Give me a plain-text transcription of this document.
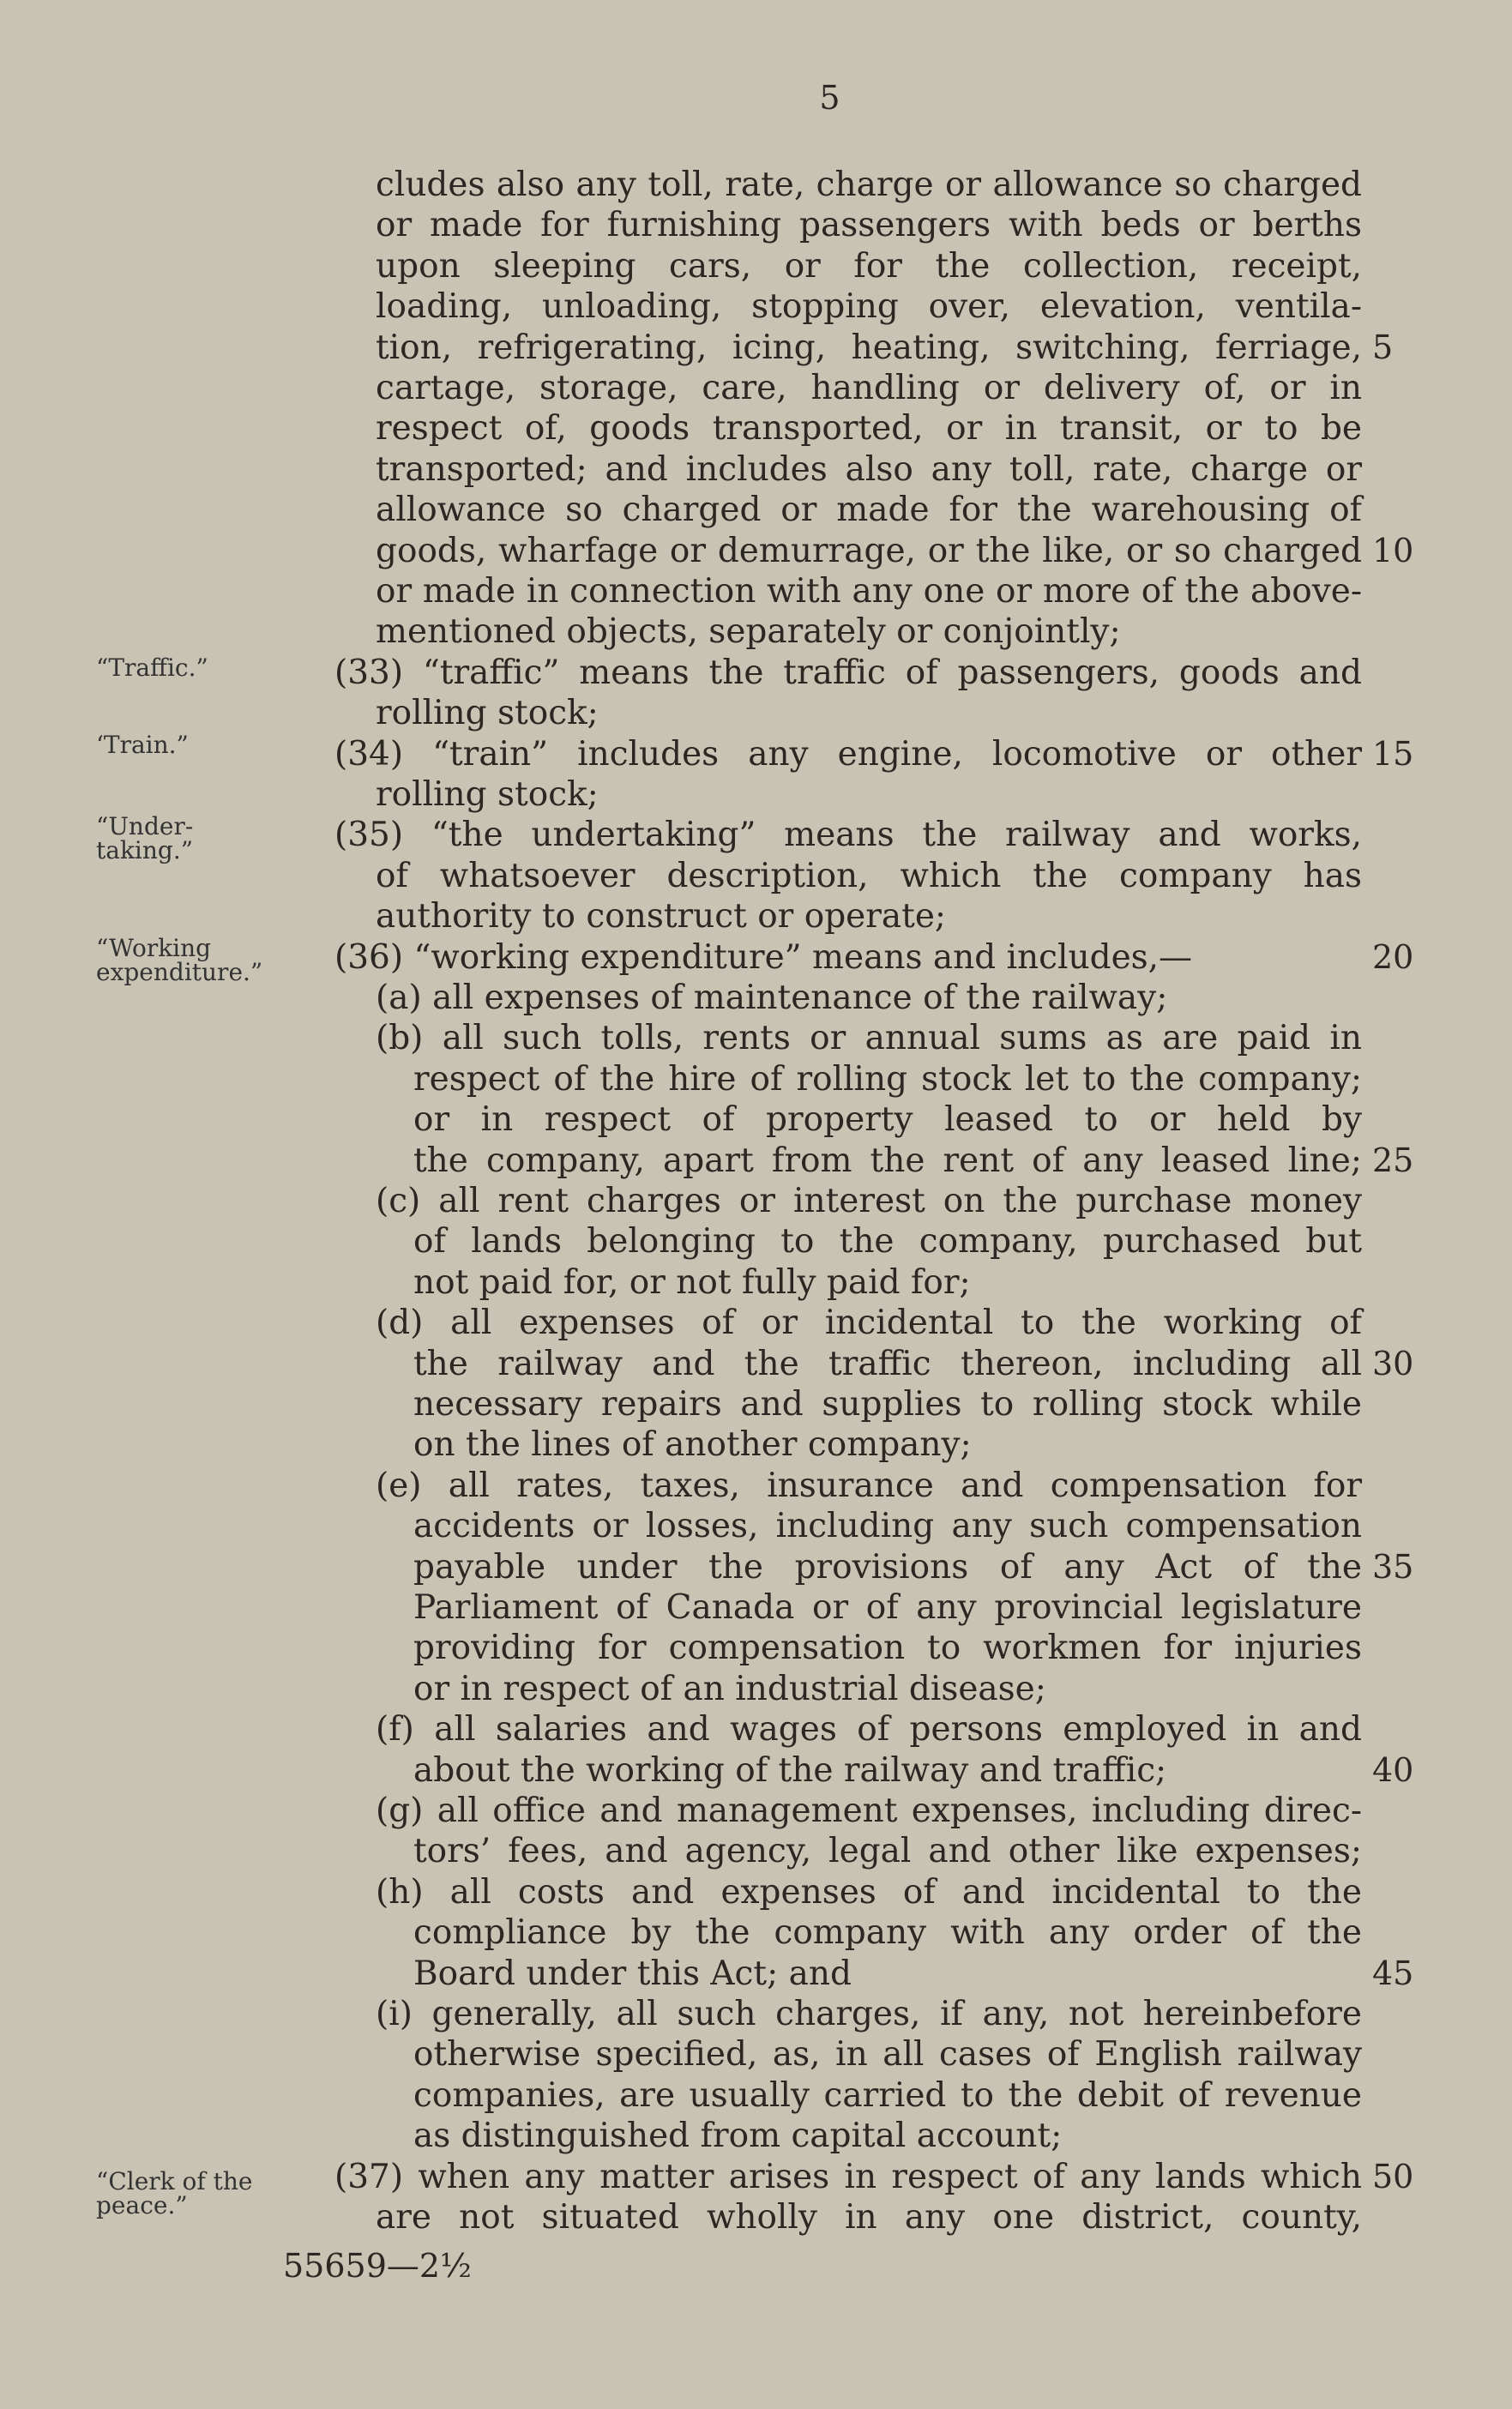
5
cludes also any toll, rate, charge or allowance so charged
or made for furnishing passengers with beds or berths
upon sleeping cars, or for the collection, receipt,
loading, unloading, stopping over, elevation, ventila-
tion, refrigerating, icing, heating, switching, ferriage, 5
cartage, storage, care, handling or delivery of, or in
respect of, goods transported, or in transit, or to be
transported; and includes also any toll, rate, charge or
allowance so charged or made for the warehousing of
goods, wharfage or demurrage, or the like, or so charged 10
or made in connection with any one or more of the above-
mentioned objects, separately or conjointly;
(33) “traffic” means the traffic of passengers, goods and
rolling stock;
(34) “train” includes any engine, locomotive or other 15
rolling stock;
(35) “the undertaking” means the railway and works,
of whatsoever description, which the company has
authority to construct or operate;
(36) “working expenditure” means and includes,—	20
(a) all expenses of maintenance of the railway;
(b) all such tolls, rents or annual sums as are paid in
respect of the hire of rolling stock let to the company;
or in respect of property leased to or held by
the company, apart from the rent of any leased line; 25
(c) all rent charges or interest on the purchase money
of lands belonging to the company, purchased but
not paid for, or not fully paid for;
(d) all expenses of or incidental to the working of
the railway and the traffic thereon, including all 30
necessary repairs and supplies to rolling stock while
on the lines of another company;
(e) all rates, taxes, insurance and compensation for
accidents or losses, including any such compensation
payable under the provisions of any Act of the 35
Parliament of Canada or of any provincial legislature
providing for compensation to workmen for injuries
or in respect of an industrial disease;
(f) all salaries and wages of persons employed in and
about the working of the railway and traffic;	40
(g) all office and management expenses, including direc-
tors’ fees, and agency, legal and other like expenses;
(h) all costs and expenses of and incidental to the
compliance by the company with any order of the
Board under this Act; and	45
(i) generally, all such charges, if any, not hereinbefore
otherwise specified, as, in all cases of English railway
companies, are usually carried to the debit of revenue
as distinguished from capital account;
(37) when any matter arises in respect of any lands which 50
are not situated wholly in any one district, county,
“Traffic.”
‘Train.”
“Under-
taking.”
“Working
expenditure.”
“Clerk of the
peace.”
55659—2½
